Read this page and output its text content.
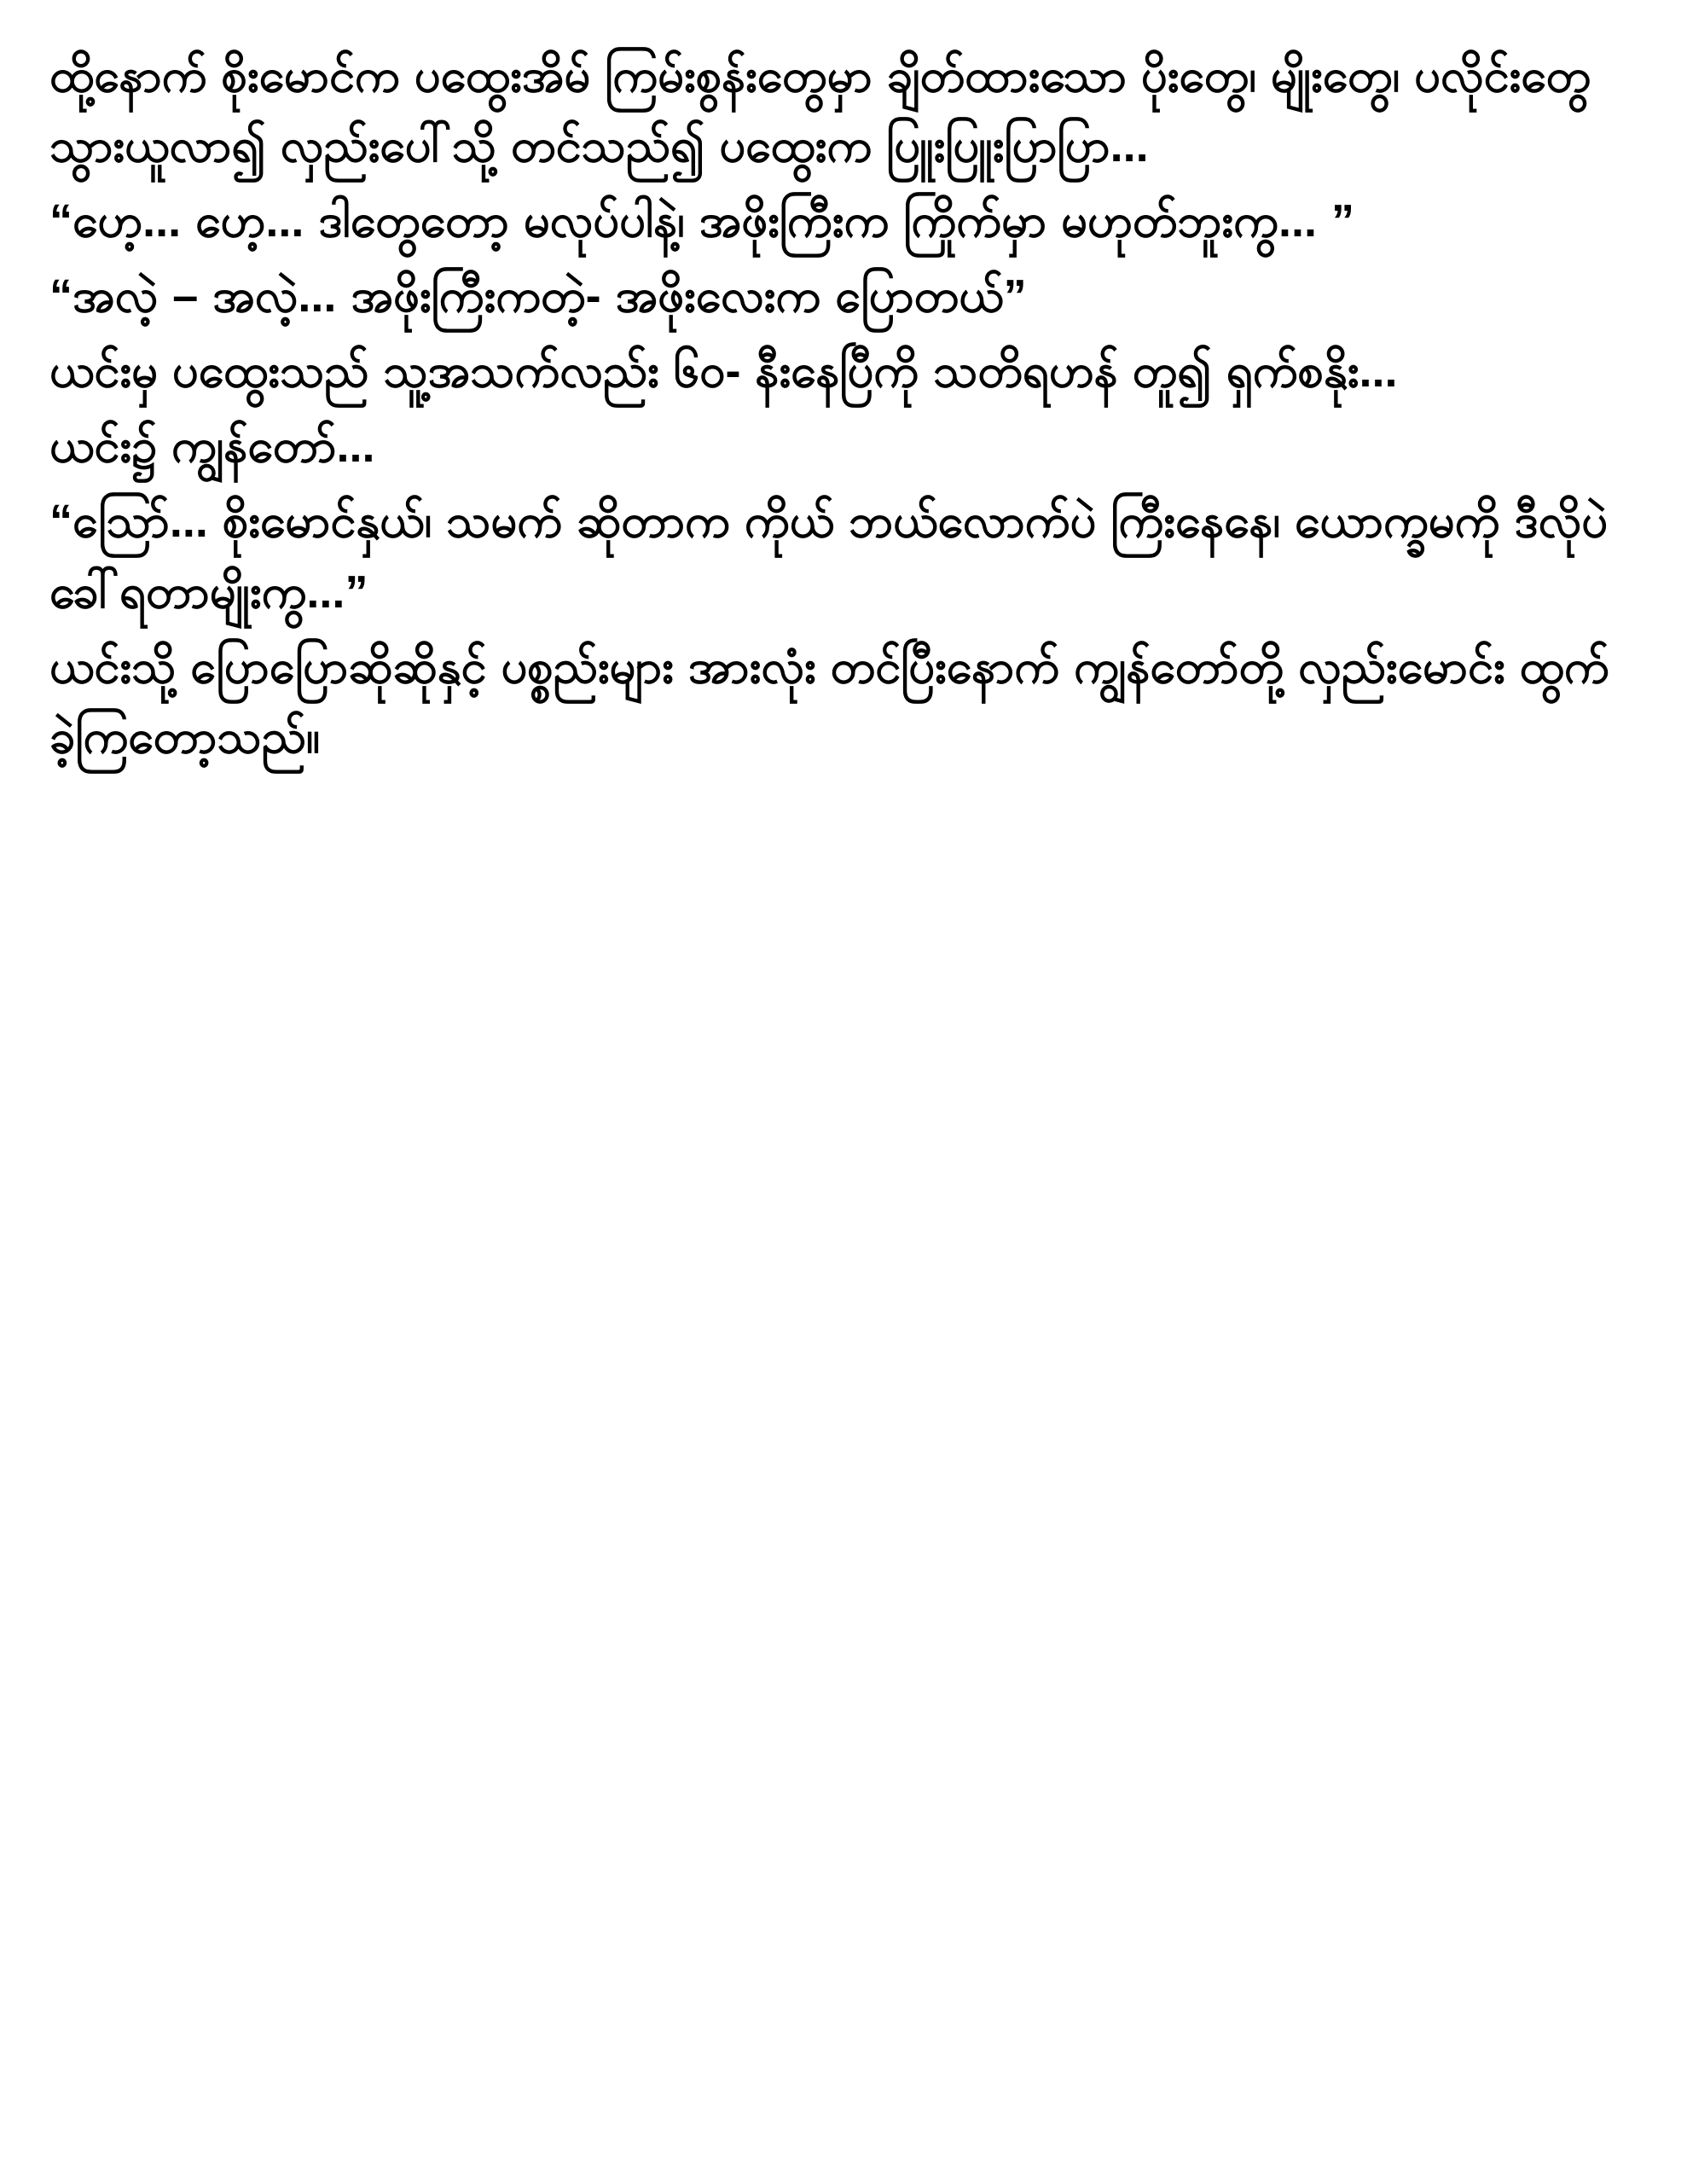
ထို့နောက် စိုးမောင်က ပထွေးအိမ် ကြမ်းစွန်းတွေမှာ ချိတ်ထားသော ပိုးတွေ၊ မျိုးတွေ၊ ပလိုင်းတွေ သွားယူလာ၍ လှည်းပေါ်သို့ တင်သည်၍ ပထွေးက ပြူးပြူးပြာပြာ...

“ဟေ့... ဟေ့... ဒါတွေတော့ မလုပ်ပါနဲ့၊ အဖိုးကြီးက ကြိုက်မှာ မဟုတ်ဘူးကွ... ”

“အလဲ့ – အလဲ့... အဖိုးကြီးကတဲ့- အဖိုးလေးက ပြောတယ်”

ယင်းမှ ပထွေးသည် သူ့အသက်လည်း ၆၀- နီးနေပြီကို သတိရဟန် တူ၍ ရှက်စနိုး...

ယင်း၌ ကျွန်တော်...

“ဩော်... စိုးမောင်နှယ်၊ သမက် ဆိုတာက ကိုယ် ဘယ်လောက်ပဲ ကြီးနေနေ၊ ယောက္ခမကို ဒီလိုပဲ ခေါ်ရတာမျိုးကွ...”

ယင်းသို့ ပြောပြောဆိုဆိုနှင့် ပစ္စည်းများ အားလုံး တင်ပြီးနောက် ကျွန်တော်တို့ လှည်းမောင်း ထွက်ခဲ့ကြတော့သည်။
